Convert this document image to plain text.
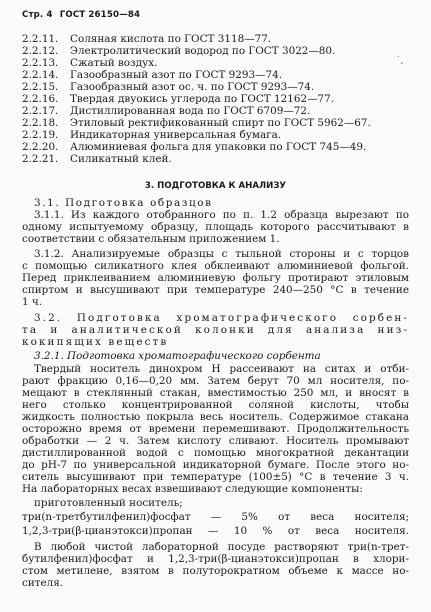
Стр. 4 ГОСТ 26150—84
˙,
2.2.11. Соляная кислота по ГОСТ 3118—77.
2.2.12. Электролитический водород по ГОСТ 3022—80.
2.2.13. Сжатый воздух.
2.2.14. Газообразный азот по ГОСТ 9293—74.
2.2.15. Газообразный азот ос. ч. по ГОСТ 9293—74.
2.2.16. Твердая двуокись углерода по ГОСТ 12162—77.
2.2.17. Дистиллированная вода по ГОСТ 6709—72.
2.2.18. Этиловый ректификованный спирт по ГОСТ 5962—67.
2.2.19. Индикаторная универсальная бумага.
2.2.20. Алюминиевая фольга для упаковки по ГОСТ 745—49.
2.2.21. Силикатный клей.
3. ПОДГОТОВКА К АНАЛИЗУ
3.1. Подготовка образцов
3.1.1. Из каждого отобранного по п. 1.2 образца вырезают по
одному испытуемому образцу, площадь которого рассчитывают в
соответствии с обязательным приложением 1.
3.1.2. Анализируемые образцы с тыльной стороны и с торцов
с помощью силикатного клея обклеивают алюминиевой фольгой.
Перед приклеиванием алюминиевую фольгу протирают этиловым
спиртом и высушивают при температуре 240—250 °С в течение
1 ч.
3.2. Подготовка хроматографического сорбен-
та и аналитической колонки для анализа низ-
кокипящих веществ
3.2.1. Подготовка хроматографического сорбента
Твердый носитель динохром Н рассеивают на ситах и отби-
рают фракцию 0,16—0,20 мм. Затем берут 70 мл носителя, по-
мещают в стеклянный стакан, вместимостью 250 мл, и вносят в
него столько концентрированной соляной кислоты, чтобы
жидкость полностью покрыла весь носитель. Содержимое стакана
осторожно время от времени перемешивают. Продолжительность
обработки — 2 ч. Затем кислоту сливают. Носитель промывают
дистиллированной водой с помощью многократной декантации
до рН-7 по универсальной индикаторной бумаге. После этого но-
ситель высушивают при температуре (100±5) °С в течение 3 ч.
На лабораторных весах взвешивают следующие компоненты:
приготовленный носитель;
три(n-третбутилфенил)фосфат — 5% от веса носителя;
1,2,3-три(β-цианэтокси)пропан — 10 % от веса носителя.
В любой чистой лабораторной посуде растворяют три(n-трет-
бутилфенил)фосфат и 1,2,3-три(β-цианэтокси)пропан в хлори-
стом метилене, взятом в полуторократном объеме к массе но-
сителя.
